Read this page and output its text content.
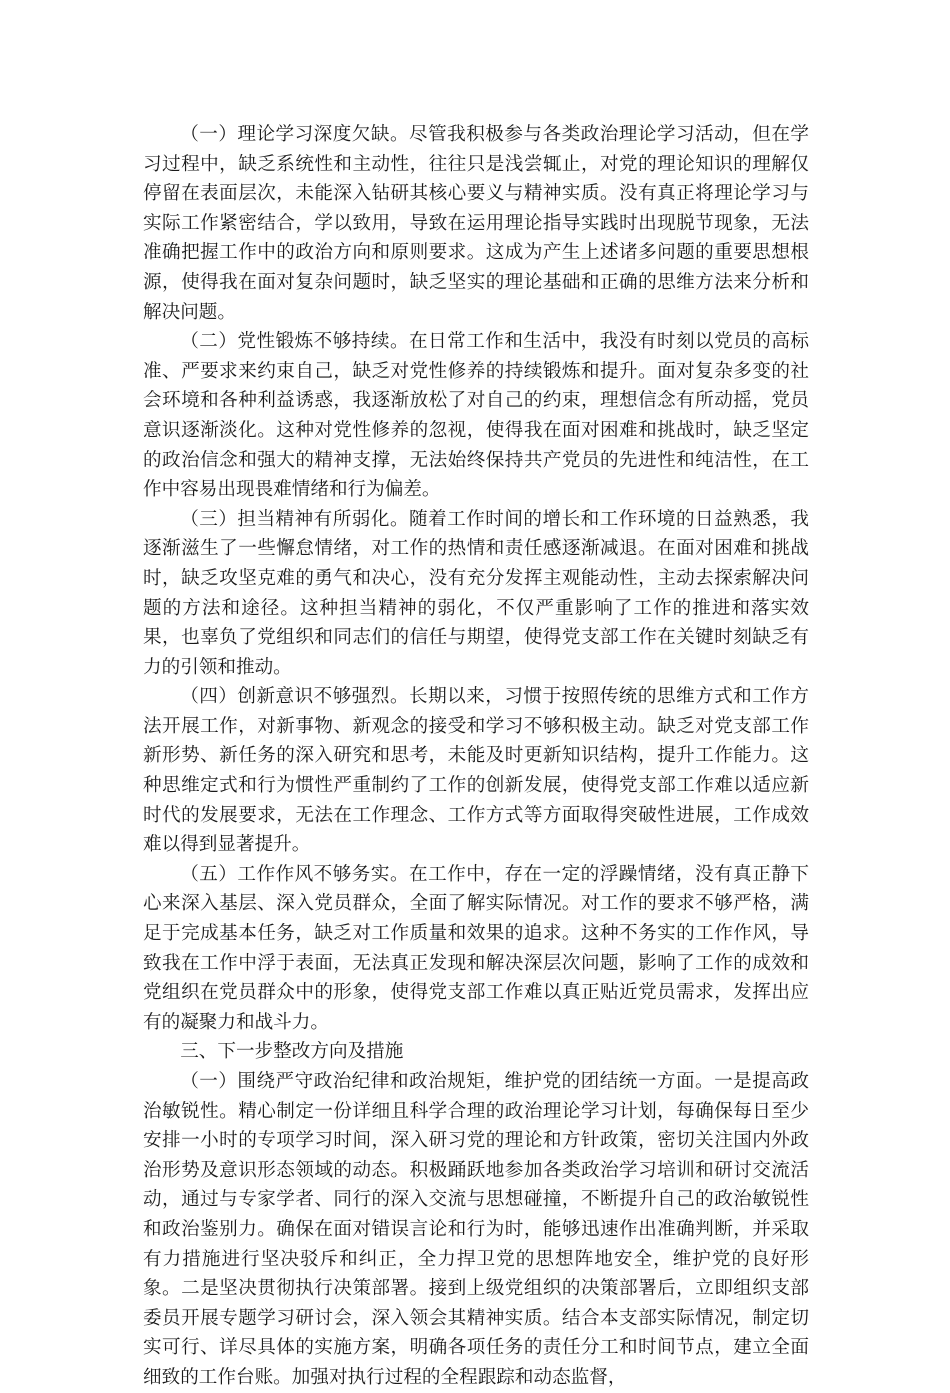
（一）理论学习深度欠缺。尽管我积极参与各类政治理论学习活动，但在学习过程中，缺乏系统性和主动性，往往只是浅尝辄止，对党的理论知识的理解仅停留在表面层次，未能深入钻研其核心要义与精神实质。没有真正将理论学习与实际工作紧密结合，学以致用，导致在运用理论指导实践时出现脱节现象，无法准确把握工作中的政治方向和原则要求。这成为产生上述诸多问题的重要思想根源，使得我在面对复杂问题时，缺乏坚实的理论基础和正确的思维方法来分析和解决问题。

（二）党性锻炼不够持续。在日常工作和生活中，我没有时刻以党员的高标准、严要求来约束自己，缺乏对党性修养的持续锻炼和提升。面对复杂多变的社会环境和各种利益诱惑，我逐渐放松了对自己的约束，理想信念有所动摇，党员意识逐渐淡化。这种对党性修养的忽视，使得我在面对困难和挑战时，缺乏坚定的政治信念和强大的精神支撑，无法始终保持共产党员的先进性和纯洁性，在工作中容易出现畏难情绪和行为偏差。

（三）担当精神有所弱化。随着工作时间的增长和工作环境的日益熟悉，我逐渐滋生了一些懈怠情绪，对工作的热情和责任感逐渐减退。在面对困难和挑战时，缺乏攻坚克难的勇气和决心，没有充分发挥主观能动性，主动去探索解决问题的方法和途径。这种担当精神的弱化，不仅严重影响了工作的推进和落实效果，也辜负了党组织和同志们的信任与期望，使得党支部工作在关键时刻缺乏有力的引领和推动。

（四）创新意识不够强烈。长期以来，习惯于按照传统的思维方式和工作方法开展工作，对新事物、新观念的接受和学习不够积极主动。缺乏对党支部工作新形势、新任务的深入研究和思考，未能及时更新知识结构，提升工作能力。这种思维定式和行为惯性严重制约了工作的创新发展，使得党支部工作难以适应新时代的发展要求，无法在工作理念、工作方式等方面取得突破性进展，工作成效难以得到显著提升。

（五）工作作风不够务实。在工作中，存在一定的浮躁情绪，没有真正静下心来深入基层、深入党员群众，全面了解实际情况。对工作的要求不够严格，满足于完成基本任务，缺乏对工作质量和效果的追求。这种不务实的工作作风，导致我在工作中浮于表面，无法真正发现和解决深层次问题，影响了工作的成效和党组织在党员群众中的形象，使得党支部工作难以真正贴近党员需求，发挥出应有的凝聚力和战斗力。

三、下一步整改方向及措施

（一）围绕严守政治纪律和政治规矩，维护党的团结统一方面。一是提高政治敏锐性。精心制定一份详细且科学合理的政治理论学习计划，每确保每日至少安排一小时的专项学习时间，深入研习党的理论和方针政策，密切关注国内外政治形势及意识形态领域的动态。积极踊跃地参加各类政治学习培训和研讨交流活动，通过与专家学者、同行的深入交流与思想碰撞，不断提升自己的政治敏锐性和政治鉴别力。确保在面对错误言论和行为时，能够迅速作出准确判断，并采取有力措施进行坚决驳斥和纠正，全力捍卫党的思想阵地安全，维护党的良好形象。二是坚决贯彻执行决策部署。接到上级党组织的决策部署后，立即组织支部委员开展专题学习研讨会，深入领会其精神实质。结合本支部实际情况，制定切实可行、详尽具体的实施方案，明确各项任务的责任分工和时间节点，建立全面细致的工作台账。加强对执行过程的全程跟踪和动态监督，
